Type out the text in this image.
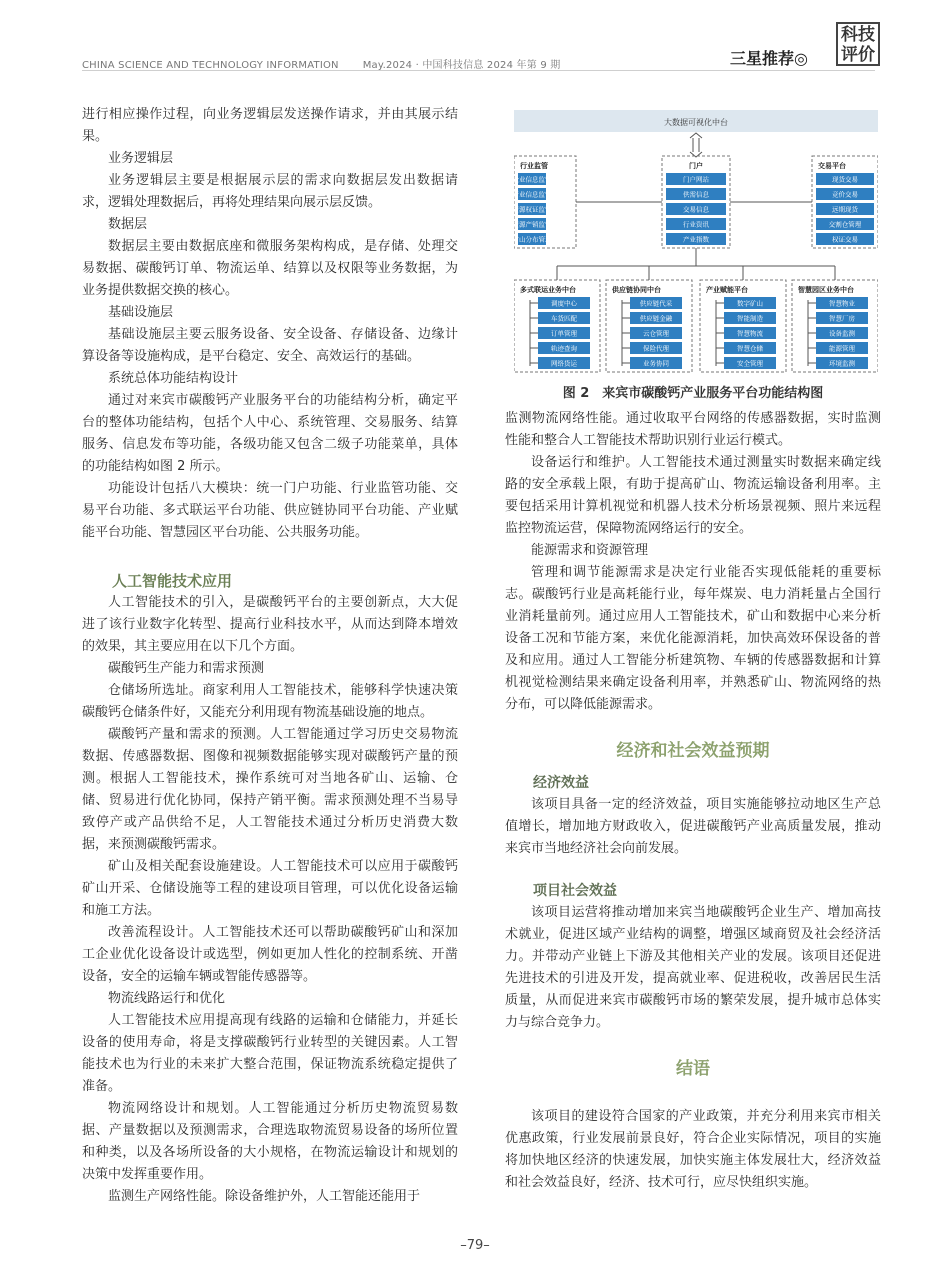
CHINA SCIENCE AND TECHNOLOGY INFORMATION May.2024 · 中国科技信息 2024 年第 9 期	三星推荐◎
科技
评价

进行相应操作过程，向业务逻辑层发送操作请求，并由其展示结果。

业务逻辑层

业务逻辑层主要是根据展示层的需求向数据层发出数据请求，逻辑处理数据后，再将处理结果向展示层反馈。

数据层

数据层主要由数据底座和微服务架构构成，是存储、处理交易数据、碳酸钙订单、物流运单、结算以及权限等业务数据，为业务提供数据交换的核心。

基础设施层

基础设施层主要云服务设备、安全设备、存储设备、边缘计算设备等设施构成，是平台稳定、安全、高效运行的基础。

系统总体功能结构设计

通过对来宾市碳酸钙产业服务平台的功能结构分析，确定平台的整体功能结构，包括个人中心、系统管理、交易服务、结算服务、信息发布等功能，各级功能又包含二级子功能菜单，具体的功能结构如图 2 所示。

功能设计包括八大模块：统一门户功能、行业监管功能、交易平台功能、多式联运平台功能、供应链协同平台功能、产业赋能平台功能、智慧园区平台功能、公共服务功能。

人工智能技术应用

人工智能技术的引入，是碳酸钙平台的主要创新点，大大促进了该行业数字化转型、提高行业科技水平，从而达到降本增效的效果，其主要应用在以下几个方面。

碳酸钙生产能力和需求预测

仓储场所选址。商家利用人工智能技术，能够科学快速决策碳酸钙仓储条件好，又能充分利用现有物流基础设施的地点。

碳酸钙产量和需求的预测。人工智能通过学习历史交易物流数据、传感器数据、图像和视频数据能够实现对碳酸钙产量的预测。根据人工智能技术，操作系统可对当地各矿山、运输、仓储、贸易进行优化协同，保持产销平衡。需求预测处理不当易导致停产或产品供给不足，人工智能技术通过分析历史消费大数据，来预测碳酸钙需求。

矿山及相关配套设施建设。人工智能技术可以应用于碳酸钙矿山开采、仓储设施等工程的建设项目管理，可以优化设备运输和施工方法。

改善流程设计。人工智能技术还可以帮助碳酸钙矿山和深加工企业优化设备设计或选型，例如更加人性化的控制系统、开凿设备，安全的运输车辆或智能传感器等。

物流线路运行和优化

人工智能技术应用提高现有线路的运输和仓储能力，并延长设备的使用寿命，将是支撑碳酸钙行业转型的关键因素。人工智能技术也为行业的未来扩大整合范围，保证物流系统稳定提供了准备。

物流网络设计和规划。人工智能通过分析历史物流贸易数据、产量数据以及预测需求，合理选取物流贸易设备的场所位置和种类，以及各场所设备的大小规格，在物流运输设计和规划的决策中发挥重要作用。

监测生产网络性能。除设备维护外，人工智能还能用于

大数据可视化中台
行业监管
企业信息监管
行业信息监管
资源权证监管
资源产销监管
矿山分布管理
门户
门户网站
供需信息
交易信息
行业资讯
产业指数
交易平台
现货交易
竞价交易
远期现货
交割仓管理
权证交易
多式联运业务中台
调度中心
车货匹配
订单管理
轨迹查询
网络货运
供应链协同中台
供应链代采
供应链金融
云仓管理
保险代理
业务协同
产业赋能平台
数字矿山
智能制造
智慧物流
智慧仓储
安全管理
智慧园区业务中台
智慧物业
智慧厂房
设备监测
能源管理
环境监测
图 2　来宾市碳酸钙产业服务平台功能结构图

监测物流网络性能。通过收取平台网络的传感器数据，实时监测性能和整合人工智能技术帮助识别行业运行模式。

设备运行和维护。人工智能技术通过测量实时数据来确定线路的安全承载上限，有助于提高矿山、物流运输设备利用率。主要包括采用计算机视觉和机器人技术分析场景视频、照片来远程监控物流运营，保障物流网络运行的安全。

能源需求和资源管理

管理和调节能源需求是决定行业能否实现低能耗的重要标志。碳酸钙行业是高耗能行业，每年煤炭、电力消耗量占全国行业消耗量前列。通过应用人工智能技术，矿山和数据中心来分析设备工况和节能方案，来优化能源消耗，加快高效环保设备的普及和应用。通过人工智能分析建筑物、车辆的传感器数据和计算机视觉检测结果来确定设备利用率，并熟悉矿山、物流网络的热分布，可以降低能源需求。

经济和社会效益预期

经济效益

该项目具备一定的经济效益，项目实施能够拉动地区生产总值增长，增加地方财政收入，促进碳酸钙产业高质量发展，推动来宾市当地经济社会向前发展。

项目社会效益

该项目运营将推动增加来宾当地碳酸钙企业生产、增加高技术就业，促进区域产业结构的调整，增强区域商贸及社会经济活力。并带动产业链上下游及其他相关产业的发展。该项目还促进先进技术的引进及开发，提高就业率、促进税收，改善居民生活质量，从而促进来宾市碳酸钙市场的繁荣发展，提升城市总体实力与综合竞争力。

结语

该项目的建设符合国家的产业政策，并充分利用来宾市相关优惠政策，行业发展前景良好，符合企业实际情况，项目的实施将加快地区经济的快速发展，加快实施主体发展壮大，经济效益和社会效益良好，经济、技术可行，应尽快组织实施。

–79–
